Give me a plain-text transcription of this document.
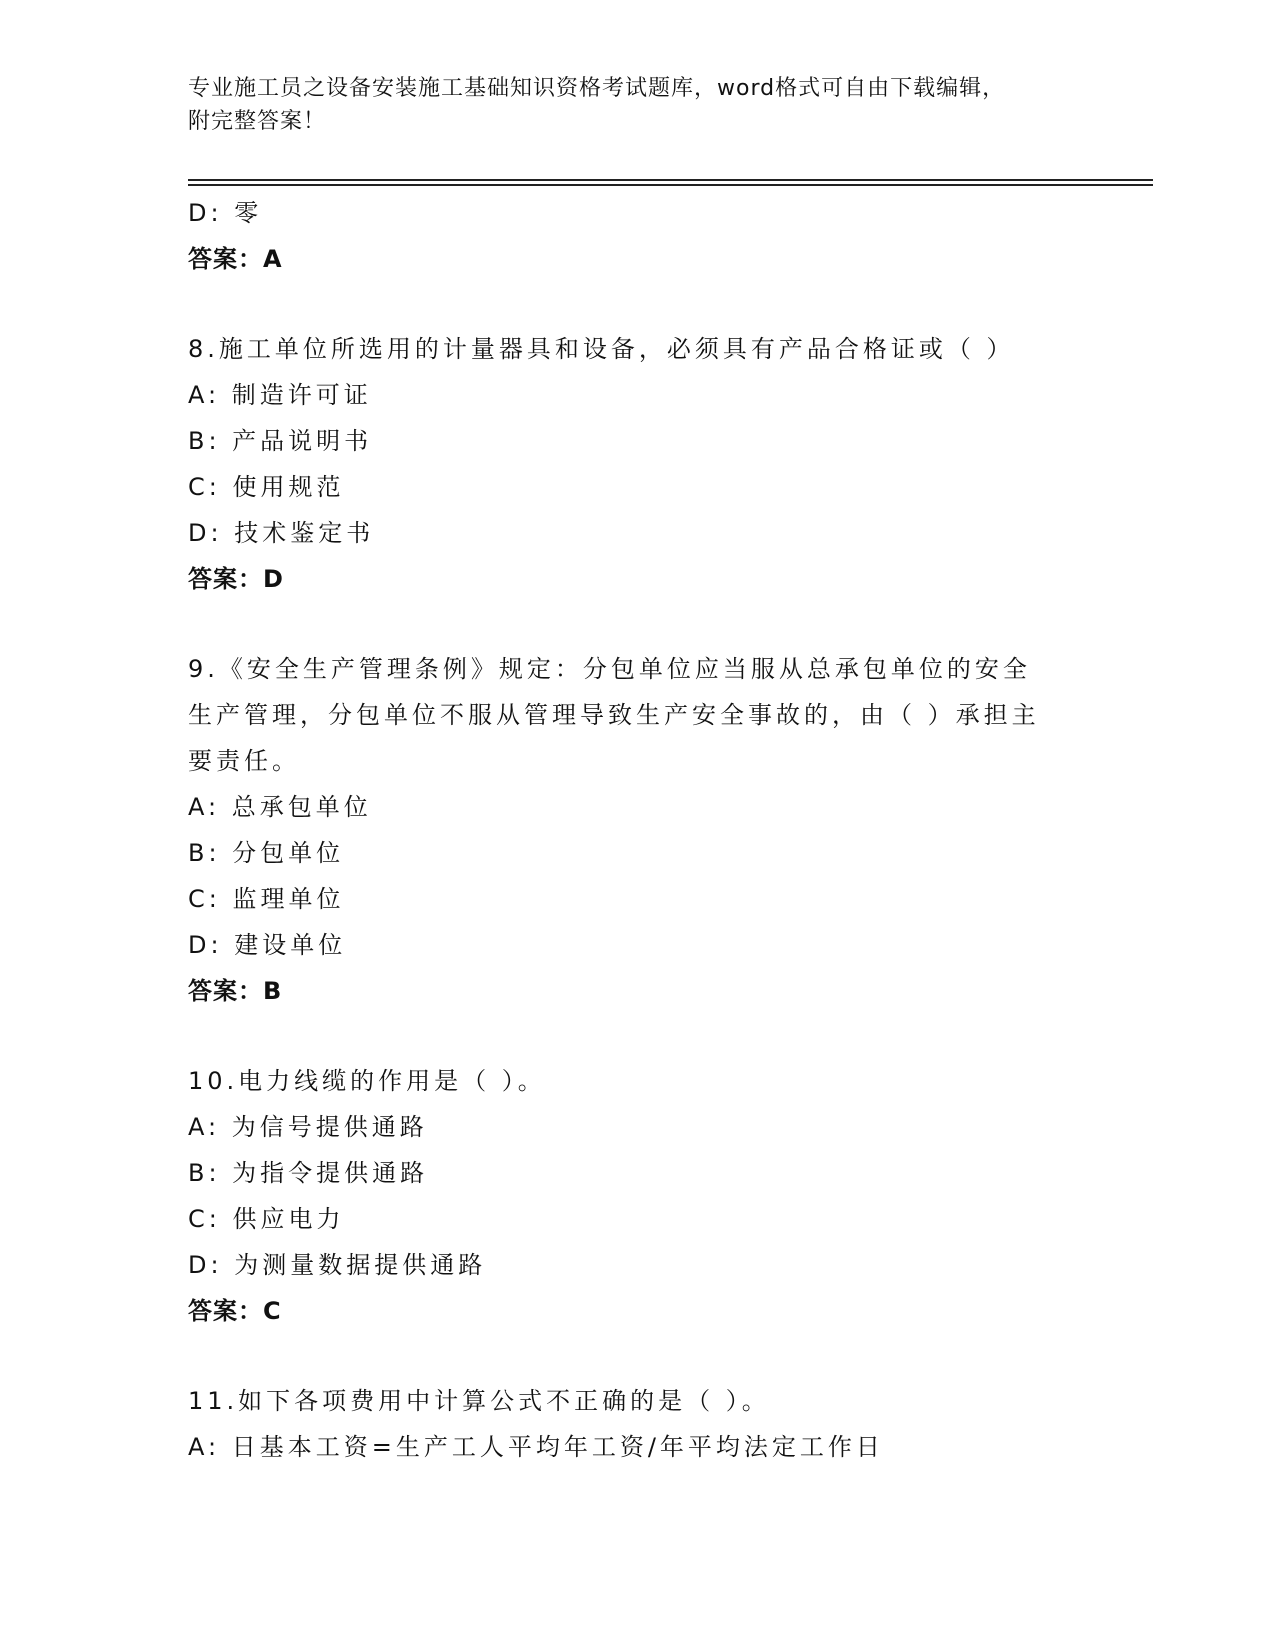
专业施工员之设备安装施工基础知识资格考试题库，word格式可自由下载编辑，
附完整答案！
D: 零
答案：A
8.施工单位所选用的计量器具和设备，必须具有产品合格证或（ ）
A: 制造许可证
B: 产品说明书
C: 使用规范
D: 技术鉴定书
答案：D
9.《安全生产管理条例》规定：分包单位应当服从总承包单位的安全
生产管理，分包单位不服从管理导致生产安全事故的，由（ ）承担主
要责任。
A: 总承包单位
B: 分包单位
C: 监理单位
D: 建设单位
答案：B
10.电力线缆的作用是（ ）。
A: 为信号提供通路
B: 为指令提供通路
C: 供应电力
D: 为测量数据提供通路
答案：C
11.如下各项费用中计算公式不正确的是（ ）。
A: 日基本工资=生产工人平均年工资/年平均法定工作日
